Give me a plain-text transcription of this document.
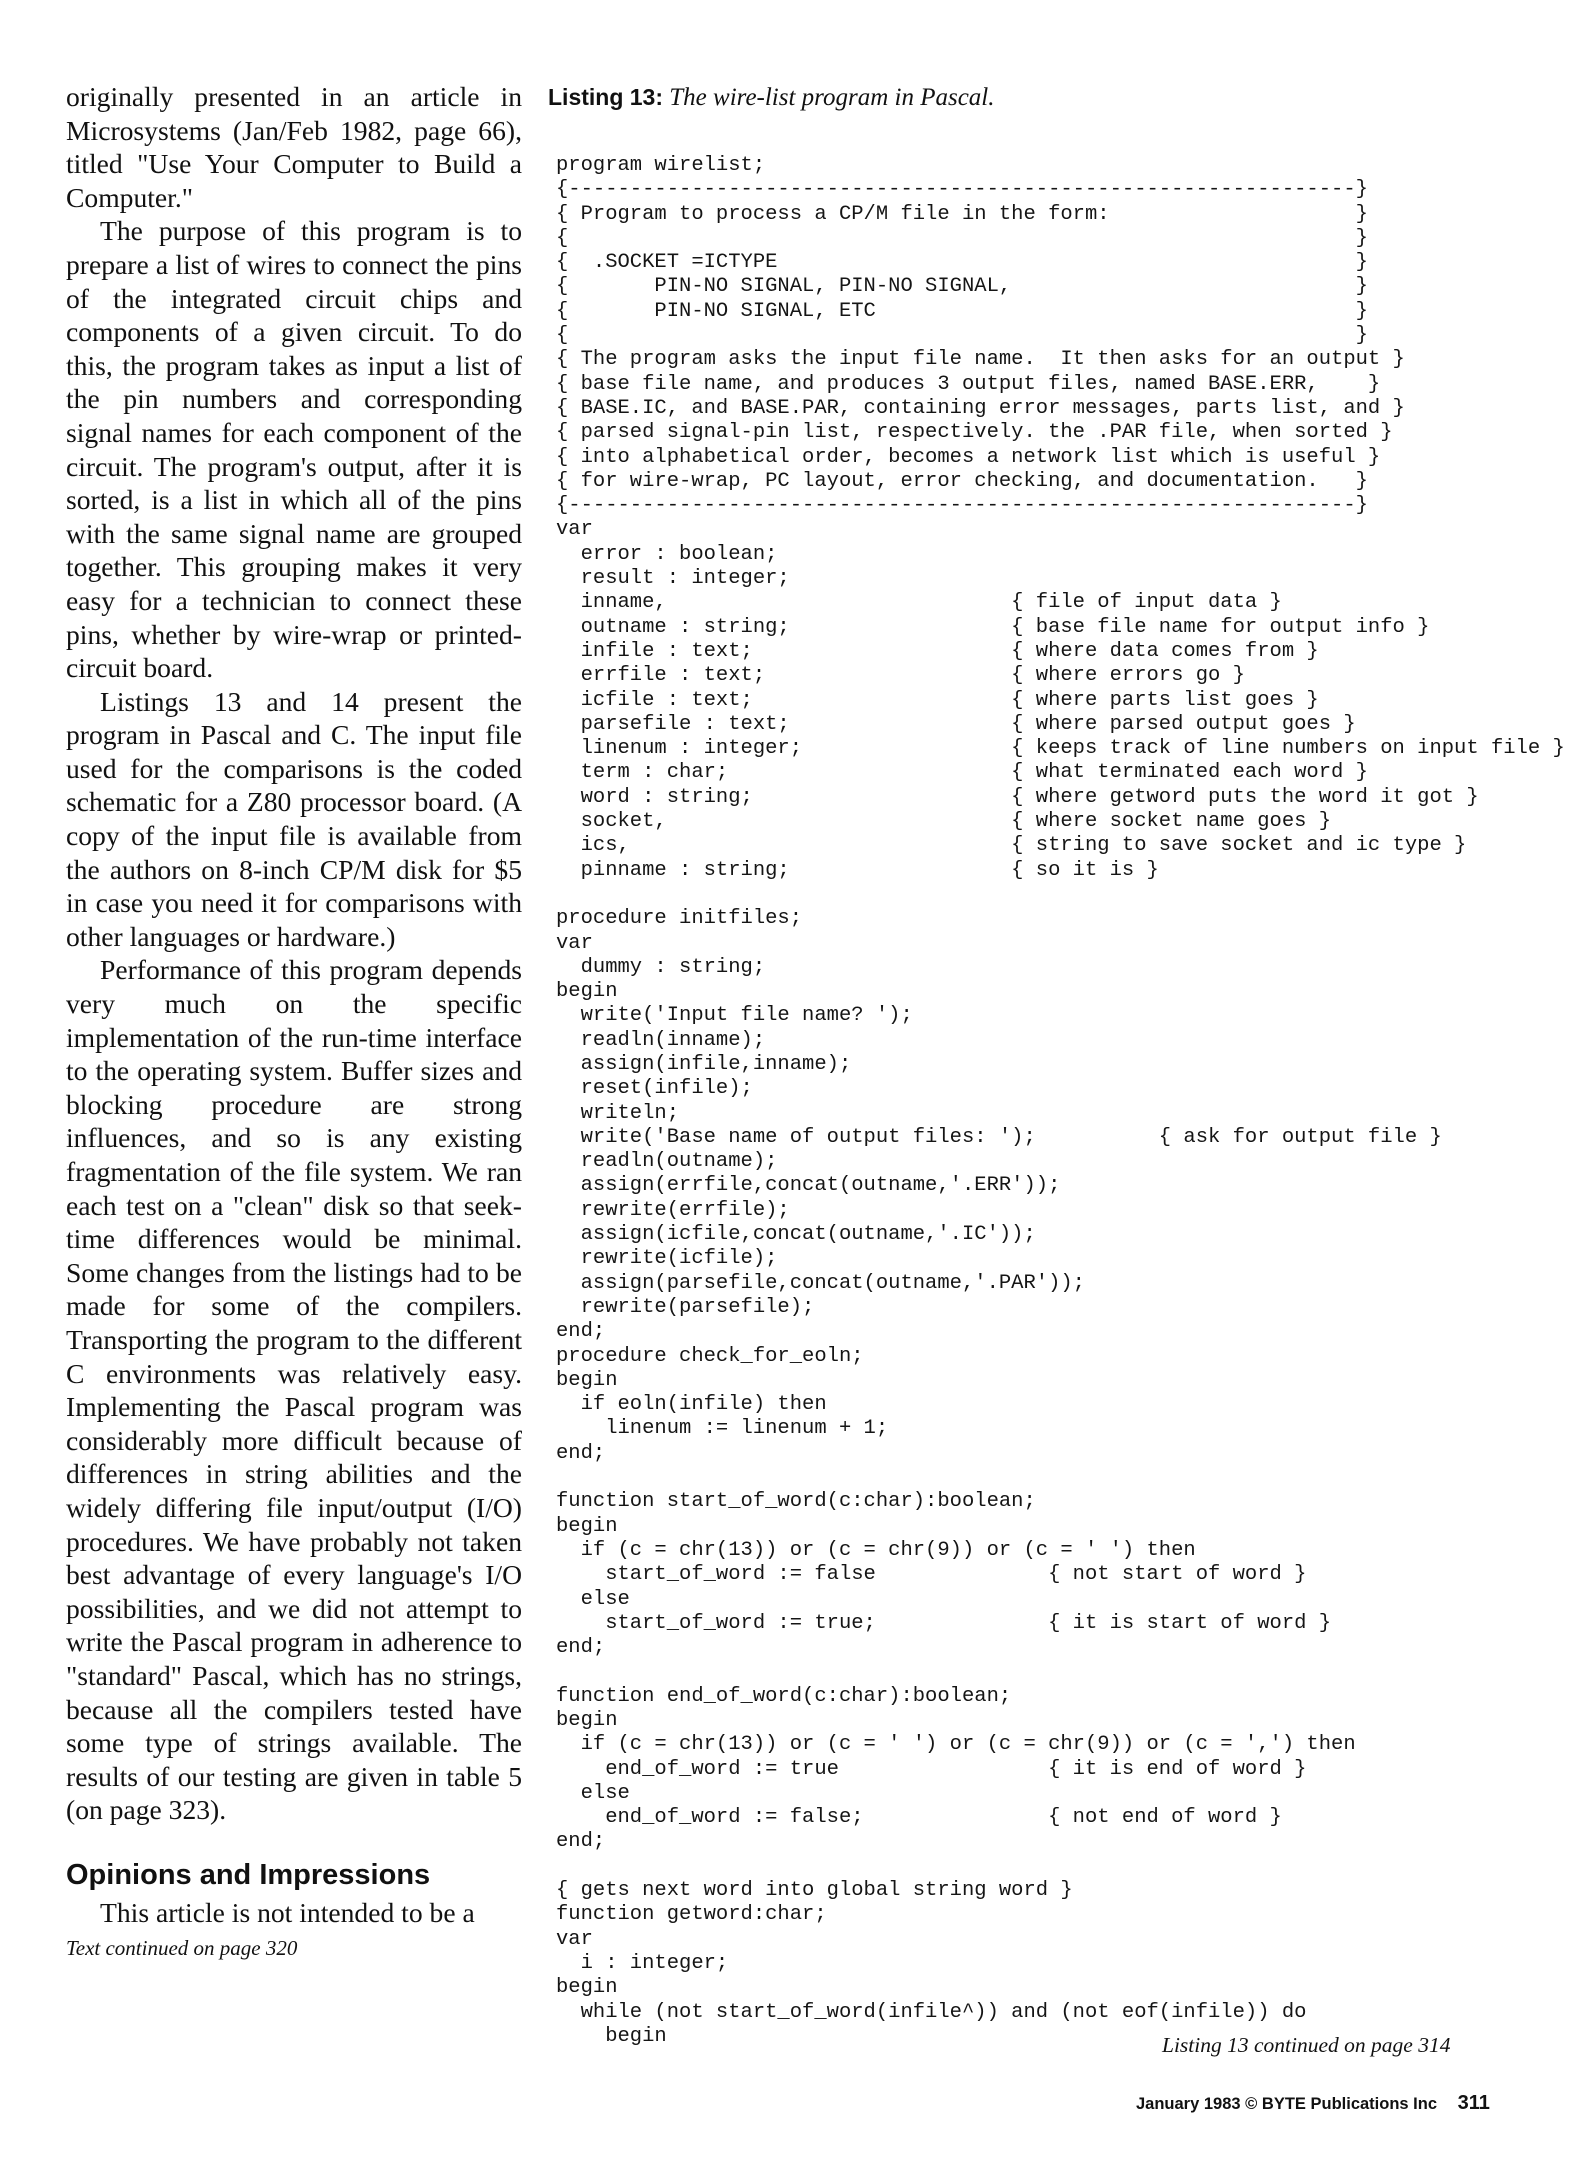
originally presented in an article in Microsystems (Jan/Feb 1982, page 66), titled "Use Your Computer to Build a Computer."

The purpose of this program is to prepare a list of wires to connect the pins of the integrated circuit chips and components of a given circuit. To do this, the program takes as input a list of the pin numbers and corresponding signal names for each component of the circuit. The program's output, after it is sorted, is a list in which all of the pins with the same signal name are grouped together. This grouping makes it very easy for a technician to connect these pins, whether by wire-wrap or printed-circuit board.

Listings 13 and 14 present the program in Pascal and C. The input file used for the comparisons is the coded schematic for a Z80 processor board. (A copy of the input file is available from the authors on 8-inch CP/M disk for $5 in case you need it for comparisons with other languages or hardware.)

Performance of this program depends very much on the specific implementation of the run-time interface to the operating system. Buffer sizes and blocking procedure are strong influences, and so is any existing fragmentation of the file system. We ran each test on a "clean" disk so that seek-time differences would be minimal. Some changes from the listings had to be made for some of the compilers. Transporting the program to the different C environments was relatively easy. Implementing the Pascal program was considerably more difficult because of differences in string abilities and the widely differing file input/output (I/O) procedures. We have probably not taken best advantage of every language's I/O possibilities, and we did not attempt to write the Pascal program in adherence to "standard" Pascal, which has no strings, because all the compilers tested have some type of strings available. The results of our testing are given in table 5 (on page 323).

Opinions and Impressions

This article is not intended to be a

Text continued on page 320
Listing 13: The wire-list program in Pascal.
program wirelist;
{----------------------------------------------------------------}
{ Program to process a CP/M file in the form:                    }
{                                                                }
{  .SOCKET =ICTYPE                                               }
{       PIN-NO SIGNAL, PIN-NO SIGNAL,                            }
{       PIN-NO SIGNAL, ETC                                       }
{                                                                }
{ The program asks the input file name.  It then asks for an output }
{ base file name, and produces 3 output files, named BASE.ERR,    }
{ BASE.IC, and BASE.PAR, containing error messages, parts list, and }
{ parsed signal-pin list, respectively. the .PAR file, when sorted }
{ into alphabetical order, becomes a network list which is useful }
{ for wire-wrap, PC layout, error checking, and documentation.   }
{----------------------------------------------------------------}
var
error : boolean;
result : integer;
inname,                            { file of input data }
outname : string;                  { base file name for output info }
infile : text;                     { where data comes from }
errfile : text;                    { where errors go }
icfile : text;                     { where parts list goes }
parsefile : text;                  { where parsed output goes }
linenum : integer;                 { keeps track of line numbers on input file }
term : char;                       { what terminated each word }
word : string;                     { where getword puts the word it got }
socket,                            { where socket name goes }
ics,                               { string to save socket and ic type }
pinname : string;                  { so it is }
procedure initfiles;
var
dummy : string;
begin
write('Input file name? ');
readln(inname);
assign(infile,inname);
reset(infile);
writeln;
write('Base name of output files: ');          { ask for output file }
readln(outname);
assign(errfile,concat(outname,'.ERR'));
rewrite(errfile);
assign(icfile,concat(outname,'.IC'));
rewrite(icfile);
assign(parsefile,concat(outname,'.PAR'));
rewrite(parsefile);
end;
procedure check_for_eoln;
begin
if eoln(infile) then
linenum := linenum + 1;
end;
function start_of_word(c:char):boolean;
begin
if (c = chr(13)) or (c = chr(9)) or (c = ' ') then
start_of_word := false              { not start of word }
else
start_of_word := true;              { it is start of word }
end;
function end_of_word(c:char):boolean;
begin
if (c = chr(13)) or (c = ' ') or (c = chr(9)) or (c = ',') then
end_of_word := true                 { it is end of word }
else
end_of_word := false;               { not end of word }
end;
{ gets next word into global string word }
function getword:char;
var
i : integer;
begin
while (not start_of_word(infile^)) and (not eof(infile)) do
begin	Listing 13 continued on page 314
January 1983 © BYTE Publications Inc 311
